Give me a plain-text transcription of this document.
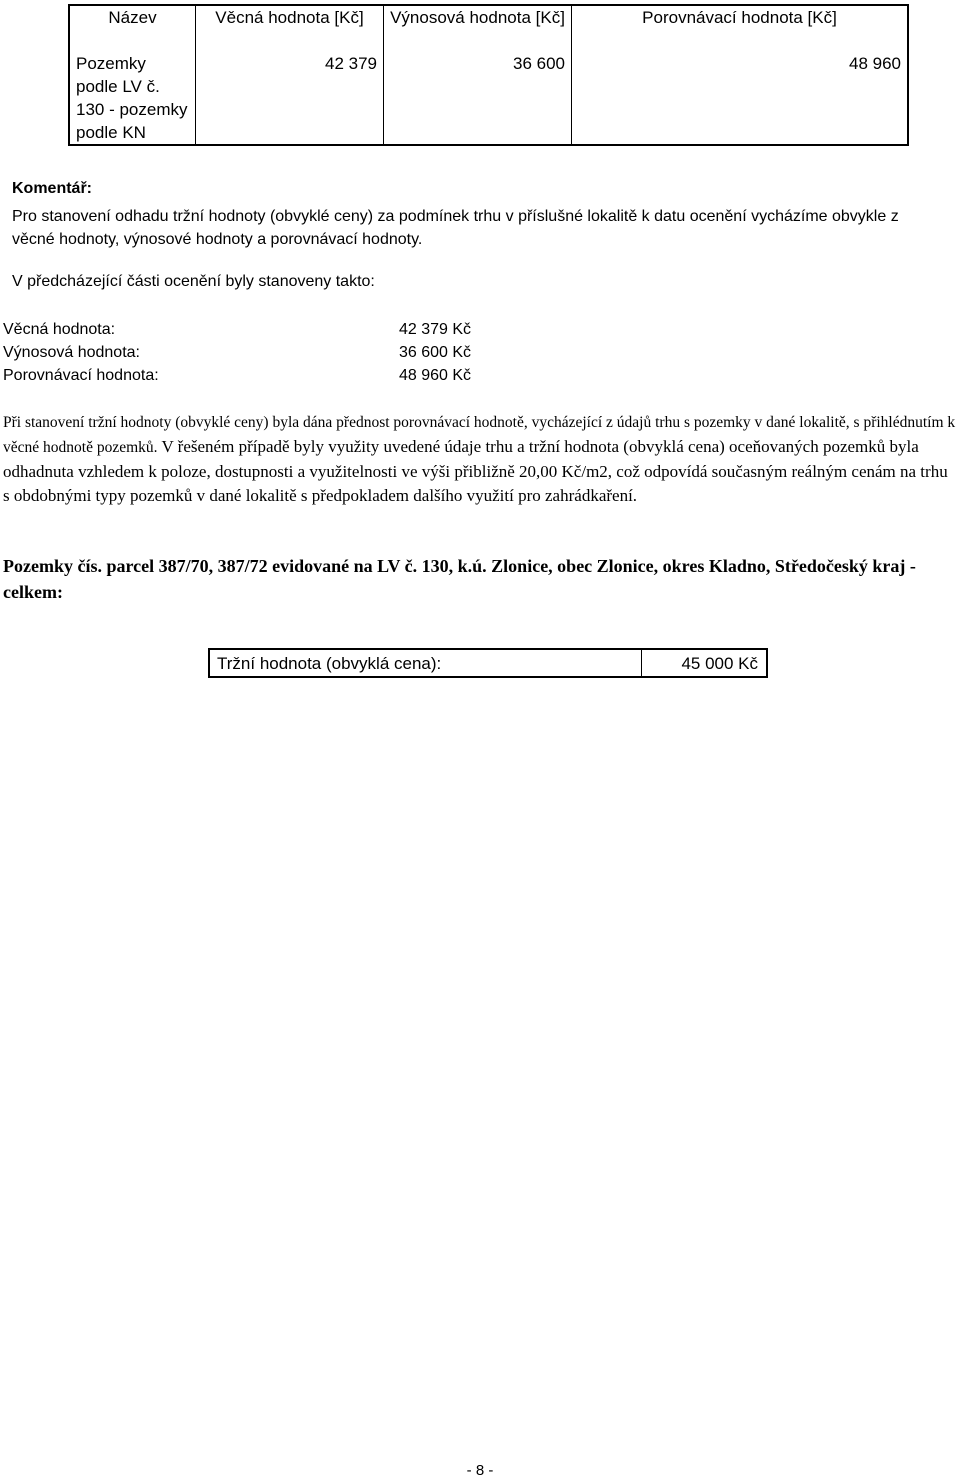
Název	Věcná hodnota [Kč]	Výnosová hodnota [Kč]	Porovnávací hodnota [Kč]
Pozemky podle LV č. 130 - pozemky podle KN	42 379	36 600	48 960
Komentář:
Pro stanovení odhadu tržní hodnoty (obvyklé ceny) za podmínek trhu v příslušné lokalitě k datu ocenění vycházíme obvykle z věcné hodnoty, výnosové hodnoty a porovnávací hodnoty.
V předcházející části ocenění byly stanoveny takto:
Věcná hodnota:	42 379 Kč
Výnosová hodnota:	36 600 Kč
Porovnávací hodnota:	48 960 Kč
Při stanovení tržní hodnoty (obvyklé ceny) byla dána přednost porovnávací hodnotě, vycházející z údajů trhu s pozemky v dané lokalitě, s přihlédnutím k věcné hodnotě pozemků. V řešeném případě byly využity uvedené údaje trhu a tržní hodnota (obvyklá cena) oceňovaných pozemků byla odhadnuta vzhledem k poloze, dostupnosti a využitelnosti ve výši přibližně 20,00 Kč/m2, což odpovídá současným reálným cenám na trhu s obdobnými typy pozemků v dané lokalitě s předpokladem dalšího využití pro zahrádkaření.
Pozemky čís. parcel 387/70, 387/72 evidované na LV č. 130, k.ú. Zlonice, obec Zlonice, okres Kladno, Středočeský kraj - celkem:
Tržní hodnota (obvyklá cena):	45 000 Kč
- 8 -
